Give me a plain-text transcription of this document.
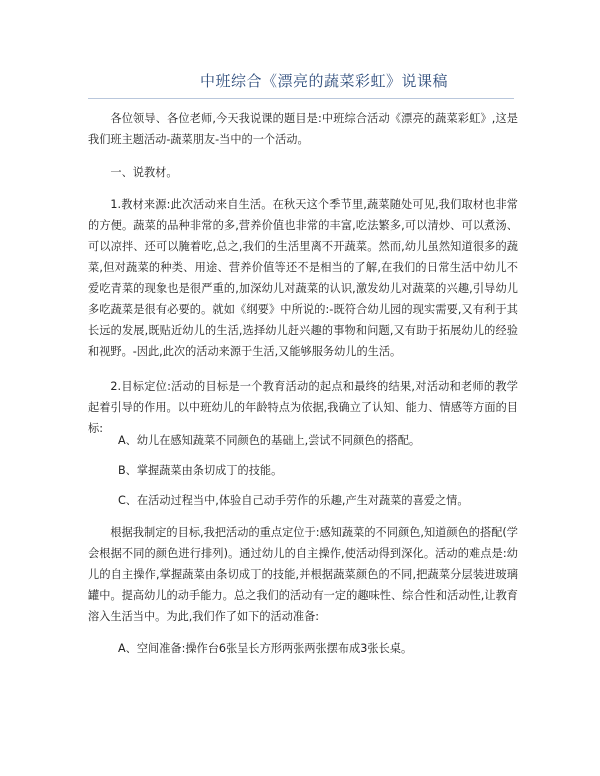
中班综合《漂亮的蔬菜彩虹》说课稿

各位领导、各位老师,今天我说课的题目是:中班综合活动《漂亮的蔬菜彩虹》,这是我们班主题活动-蔬菜朋友-当中的一个活动。

一、说教材。

1.教材来源:此次活动来自生活。在秋天这个季节里,蔬菜随处可见,我们取材也非常的方便。蔬菜的品种非常的多,营养价值也非常的丰富,吃法繁多,可以清炒、可以煮汤、可以凉拌、还可以腌着吃,总之,我们的生活里离不开蔬菜。然而,幼儿虽然知道很多的蔬菜,但对蔬菜的种类、用途、营养价值等还不是相当的了解,在我们的日常生活中幼儿不爱吃青菜的现象也是很严重的,加深幼儿对蔬菜的认识,激发幼儿对蔬菜的兴趣,引导幼儿多吃蔬菜是很有必要的。就如《纲要》中所说的:-既符合幼儿园的现实需要,又有利于其长远的发展,既贴近幼儿的生活,选择幼儿赶兴趣的事物和问题,又有助于拓展幼儿的经验和视野。-因此,此次的活动来源于生活,又能够服务幼儿的生活。

2.目标定位:活动的目标是一个教育活动的起点和最终的结果,对活动和老师的教学起着引导的作用。以中班幼儿的年龄特点为依据,我确立了认知、能力、情感等方面的目标:

A、幼儿在感知蔬菜不同颜色的基础上,尝试不同颜色的搭配。

B、掌握蔬菜由条切成丁的技能。

C、在活动过程当中,体验自己动手劳作的乐趣,产生对蔬菜的喜爱之情。

根据我制定的目标,我把活动的重点定位于:感知蔬菜的不同颜色,知道颜色的搭配(学会根据不同的颜色进行排列)。通过幼儿的自主操作,使活动得到深化。活动的难点是:幼儿的自主操作,掌握蔬菜由条切成丁的技能,并根据蔬菜颜色的不同,把蔬菜分层装进玻璃罐中。提高幼儿的动手能力。总之我们的活动有一定的趣味性、综合性和活动性,让教育溶入生活当中。为此,我们作了如下的活动准备:

A、空间准备:操作台6张呈长方形两张两张摆布成3张长桌。
